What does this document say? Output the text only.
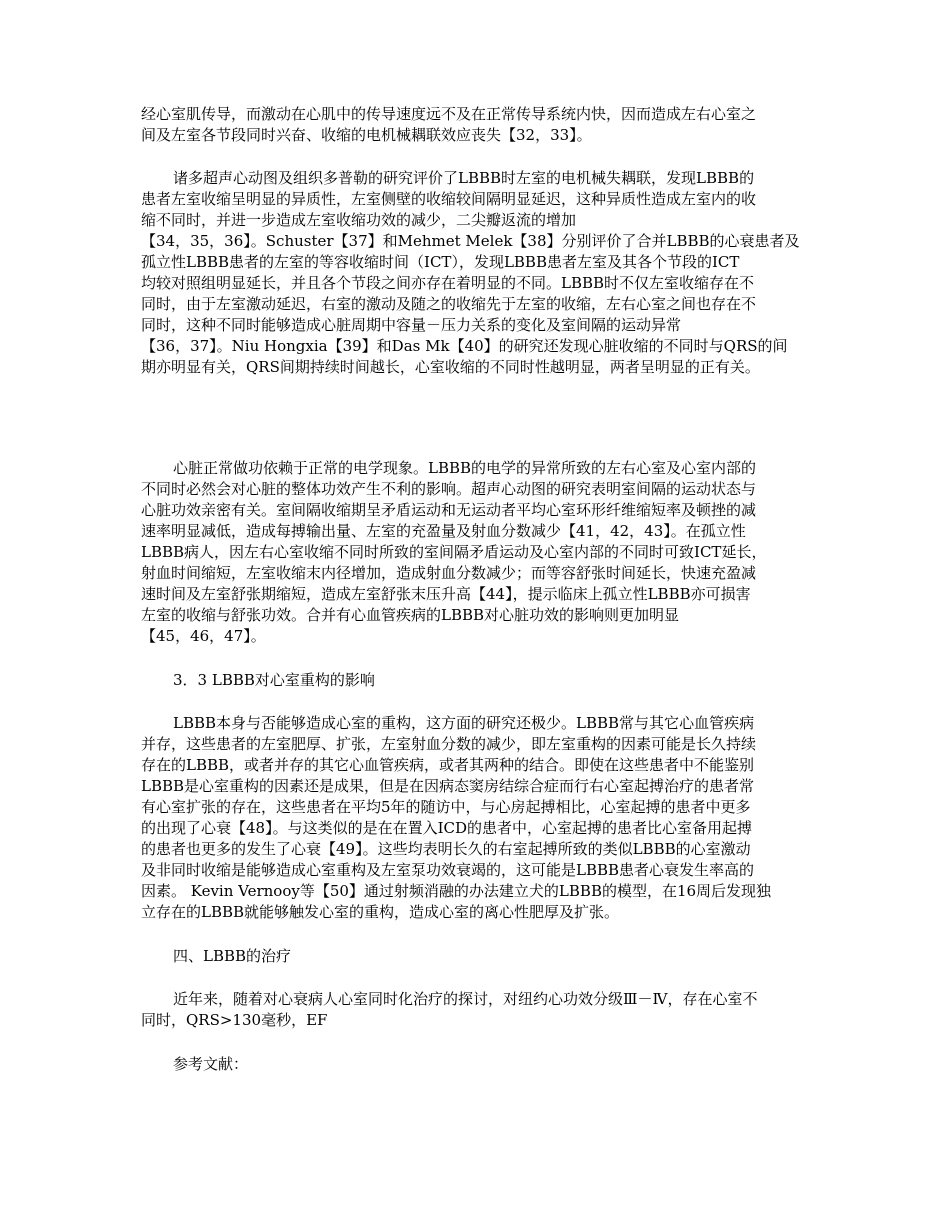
经心室肌传导，而激动在心肌中的传导速度远不及在正常传导系统内快，因而造成左右心室之
间及左室各节段同时兴奋、收缩的电机械耦联效应丧失【32，33】。

诸多超声心动图及组织多普勒的研究评价了LBBB时左室的电机械失耦联，发现LBBB的
患者左室收缩呈明显的异质性，左室侧壁的收缩较间隔明显延迟，这种异质性造成左室内的收
缩不同时，并进一步造成左室收缩功效的减少，二尖瓣返流的增加
【34，35，36】。Schuster【37】和Mehmet Melek【38】分别评价了合并LBBB的心衰患者及
孤立性LBBB患者的左室的等容收缩时间（ICT），发现LBBB患者左室及其各个节段的ICT
均较对照组明显延长，并且各个节段之间亦存在着明显的不同。LBBB时不仅左室收缩存在不
同时，由于左室激动延迟，右室的激动及随之的收缩先于左室的收缩，左右心室之间也存在不
同时，这种不同时能够造成心脏周期中容量－压力关系的变化及室间隔的运动异常
【36，37】。Niu Hongxia【39】和Das Mk【40】的研究还发现心脏收缩的不同时与QRS的间
期亦明显有关，QRS间期持续时间越长，心室收缩的不同时性越明显，两者呈明显的正有关。

心脏正常做功依赖于正常的电学现象。LBBB的电学的异常所致的左右心室及心室内部的
不同时必然会对心脏的整体功效产生不利的影响。超声心动图的研究表明室间隔的运动状态与
心脏功效亲密有关。室间隔收缩期呈矛盾运动和无运动者平均心室环形纤维缩短率及顿挫的减
速率明显减低，造成每搏输出量、左室的充盈量及射血分数减少【41，42，43】。在孤立性
LBBB病人，因左右心室收缩不同时所致的室间隔矛盾运动及心室内部的不同时可致ICT延长，
射血时间缩短，左室收缩末内径增加，造成射血分数减少；而等容舒张时间延长，快速充盈减
速时间及左室舒张期缩短，造成左室舒张末压升高【44】，提示临床上孤立性LBBB亦可损害
左室的收缩与舒张功效。合并有心血管疾病的LBBB对心脏功效的影响则更加明显
【45，46，47】。

3．3 LBBB对心室重构的影响

LBBB本身与否能够造成心室的重构，这方面的研究还极少。LBBB常与其它心血管疾病
并存，这些患者的左室肥厚、扩张，左室射血分数的减少，即左室重构的因素可能是长久持续
存在的LBBB，或者并存的其它心血管疾病，或者其两种的结合。即使在这些患者中不能鉴别
LBBB是心室重构的因素还是成果，但是在因病态窦房结综合症而行右心室起搏治疗的患者常
有心室扩张的存在，这些患者在平均5年的随访中，与心房起搏相比，心室起搏的患者中更多
的出现了心衰【48】。与这类似的是在在置入ICD的患者中，心室起搏的患者比心室备用起搏
的患者也更多的发生了心衰【49】。这些均表明长久的右室起搏所致的类似LBBB的心室激动
及非同时收缩是能够造成心室重构及左室泵功效衰竭的，这可能是LBBB患者心衰发生率高的
因素。 Kevin Vernooy等【50】通过射频消融的办法建立犬的LBBB的模型，在16周后发现独
立存在的LBBB就能够触发心室的重构，造成心室的离心性肥厚及扩张。

四、LBBB的治疗

近年来，随着对心衰病人心室同时化治疗的探讨，对纽约心功效分级Ⅲ－Ⅳ，存在心室不
同时，QRS>130毫秒，EF

参考文献：
